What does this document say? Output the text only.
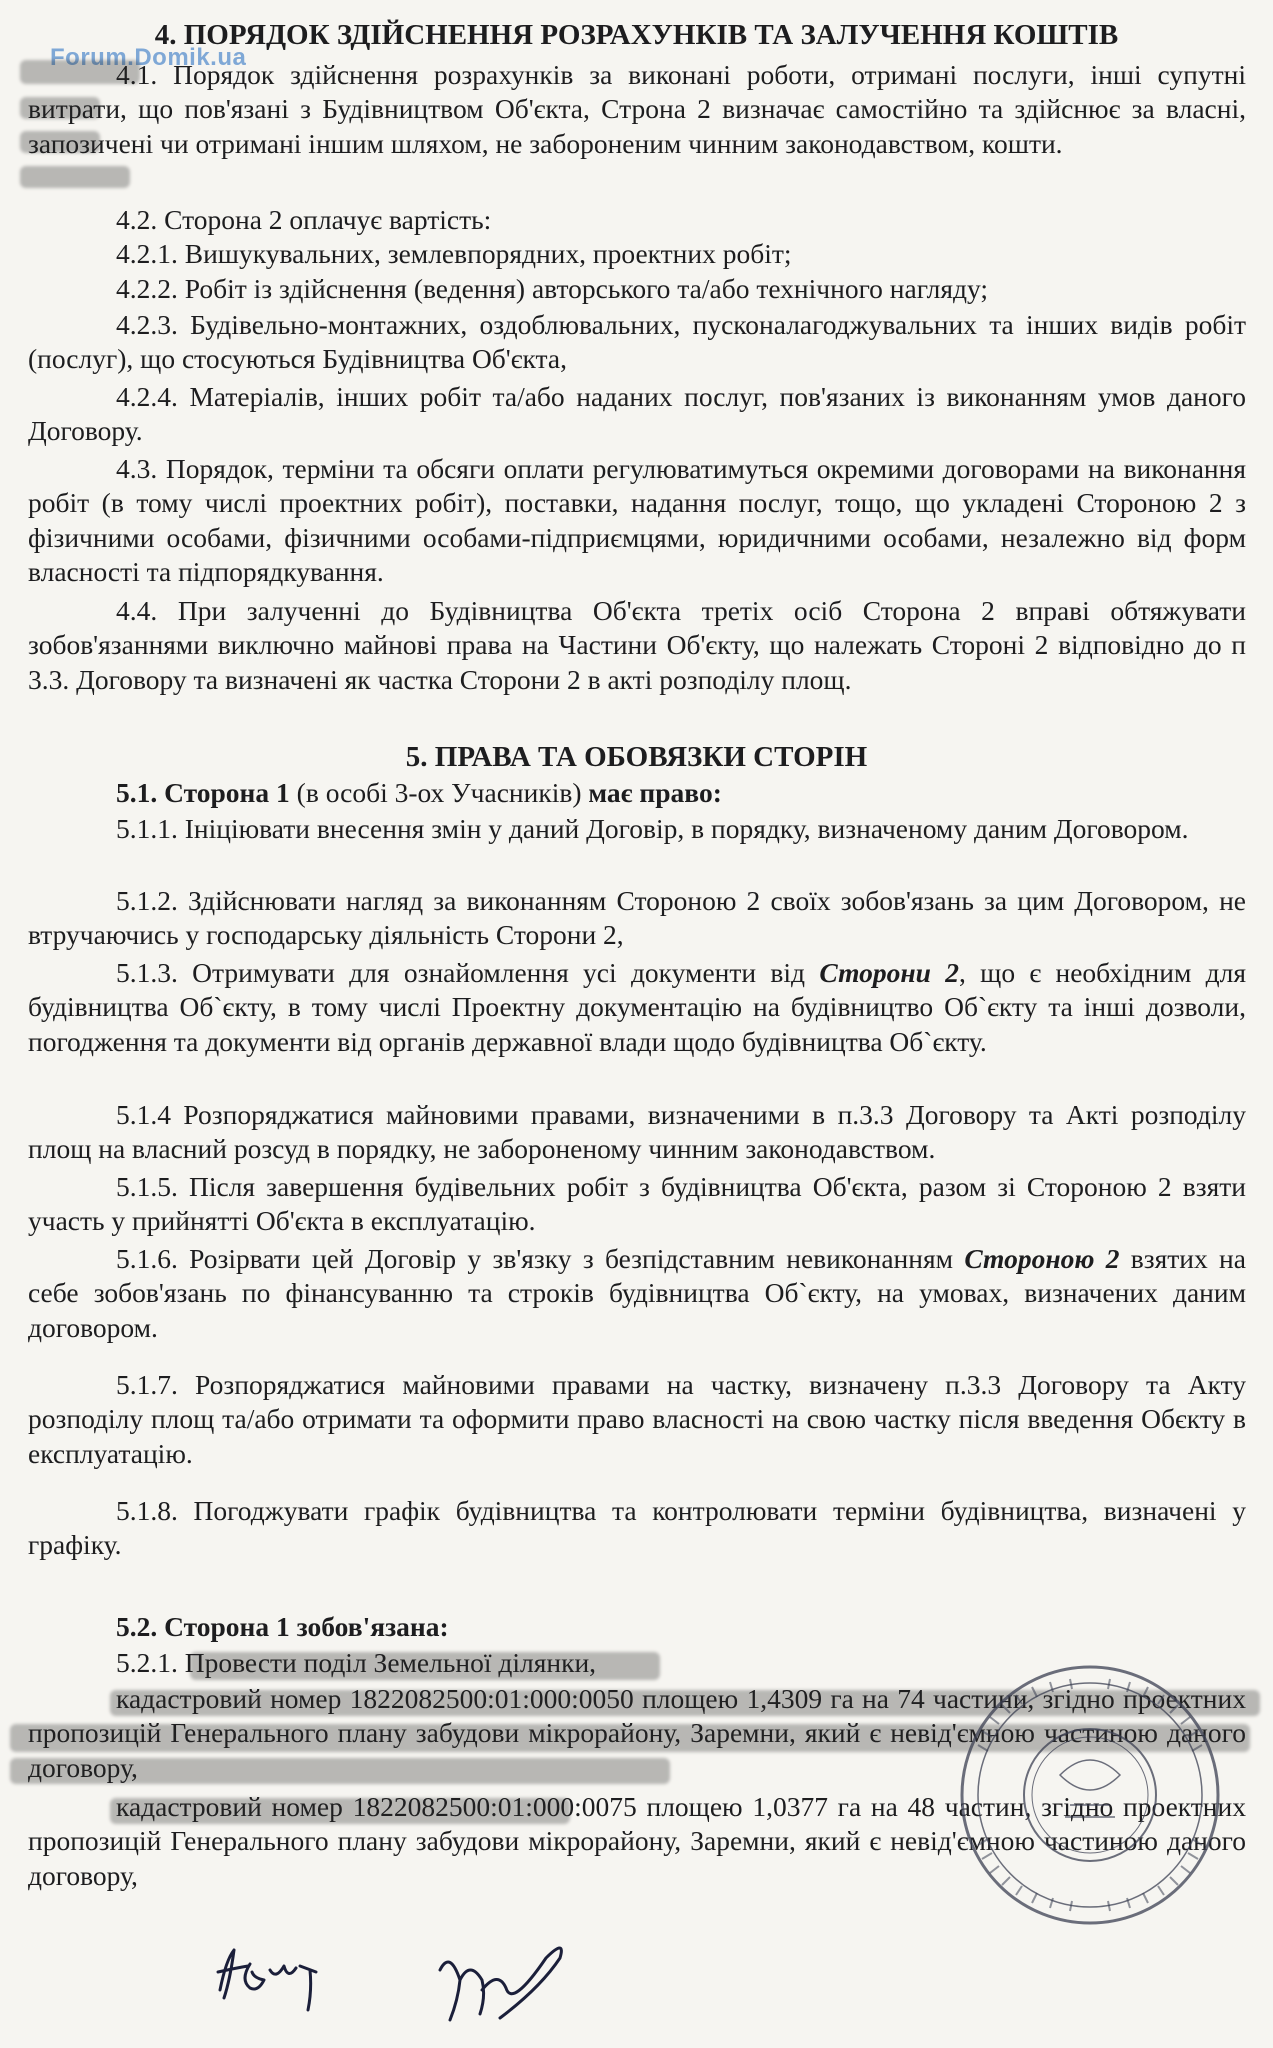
Forum.Domik.ua
4. ПОРЯДОК ЗДІЙСНЕННЯ РОЗРАХУНКІВ ТА ЗАЛУЧЕННЯ КОШТІВ
4.1. Порядок здійснення розрахунків за виконані роботи, отримані послуги, інші супутні витрати, що пов'язані з Будівництвом Об'єкта, Строна 2 визначає самостійно та здійснює за власні, запозичені чи отримані іншим шляхом, не забороненим чинним законодавством, кошти.
4.2. Сторона 2 оплачує вартість:
4.2.1. Вишукувальних, землевпорядних, проектних робіт;
4.2.2. Робіт із здійснення (ведення) авторського та/або технічного нагляду;
4.2.3. Будівельно-монтажних, оздоблювальних, пусконалагоджувальних та інших видів робіт (послуг), що стосуються Будівництва Об'єкта,
4.2.4. Матеріалів, інших робіт та/або наданих послуг, пов'язаних із виконанням умов даного Договору.
4.3. Порядок, терміни та обсяги оплати регулюватимуться окремими договорами на виконання робіт (в тому числі проектних робіт), поставки, надання послуг, тощо, що укладені Стороною 2 з фізичними особами, фізичними особами-підприємцями, юридичними особами, незалежно від форм власності та підпорядкування.
4.4. При залученні до Будівництва Об'єкта третіх осіб Сторона 2 вправі обтяжувати зобов'язаннями виключно майнові права на Частини Об'єкту, що належать Стороні 2 відповідно до п 3.3. Договору та визначені як частка Сторони 2 в акті розподілу площ.
5. ПРАВА ТА ОБОВЯЗКИ СТОРІН
5.1. Сторона 1 (в особі 3-ох Учасників) має право:
5.1.1. Ініціювати внесення змін у даний Договір, в порядку, визначеному даним Договором.
5.1.2. Здійснювати нагляд за виконанням Стороною 2 своїх зобов'язань за цим Договором, не втручаючись у господарську діяльність Сторони 2,
5.1.3. Отримувати для ознайомлення усі документи від Сторони 2, що є необхідним для будівництва Об`єкту, в тому числі Проектну документацію на будівництво Об`єкту та інші дозволи, погодження та документи від органів державної влади щодо будівництва Об`єкту.
5.1.4 Розпоряджатися майновими правами, визначеними в п.3.3 Договору та Акті розподілу площ на власний розсуд в порядку, не забороненому чинним законодавством.
5.1.5. Після завершення будівельних робіт з будівництва Об'єкта, разом зі Стороною 2 взяти участь у прийнятті Об'єкта в експлуатацію.
5.1.6. Розірвати цей Договір у зв'язку з безпідставним невиконанням Стороною 2 взятих на себе зобов'язань по фінансуванню та строків будівництва Об`єкту, на умовах, визначених даним договором.
5.1.7. Розпоряджатися майновими правами на частку, визначену п.3.3 Договору та Акту розподілу площ та/або отримати та оформити право власності на свою частку після введення Обєкту в експлуатацію.
5.1.8. Погоджувати графік будівництва та контролювати терміни будівництва, визначені у графіку.
5.2. Сторона 1 зобов'язана:
5.2.1. Провести поділ Земельної ділянки,
кадастровий номер 1822082500:01:000:0050 площею 1,4309 га на 74 частини, згідно проектних пропозицій Генерального плану забудови мікрорайону, Заремни, який є невід'ємною частиною даного договору,
кадастровий номер 1822082500:01:000:0075 площею 1,0377 га на 48 частин, згідно проектних пропозицій Генерального плану забудови мікрорайону, Заремни, який є невід'ємною частиною даного договору,
